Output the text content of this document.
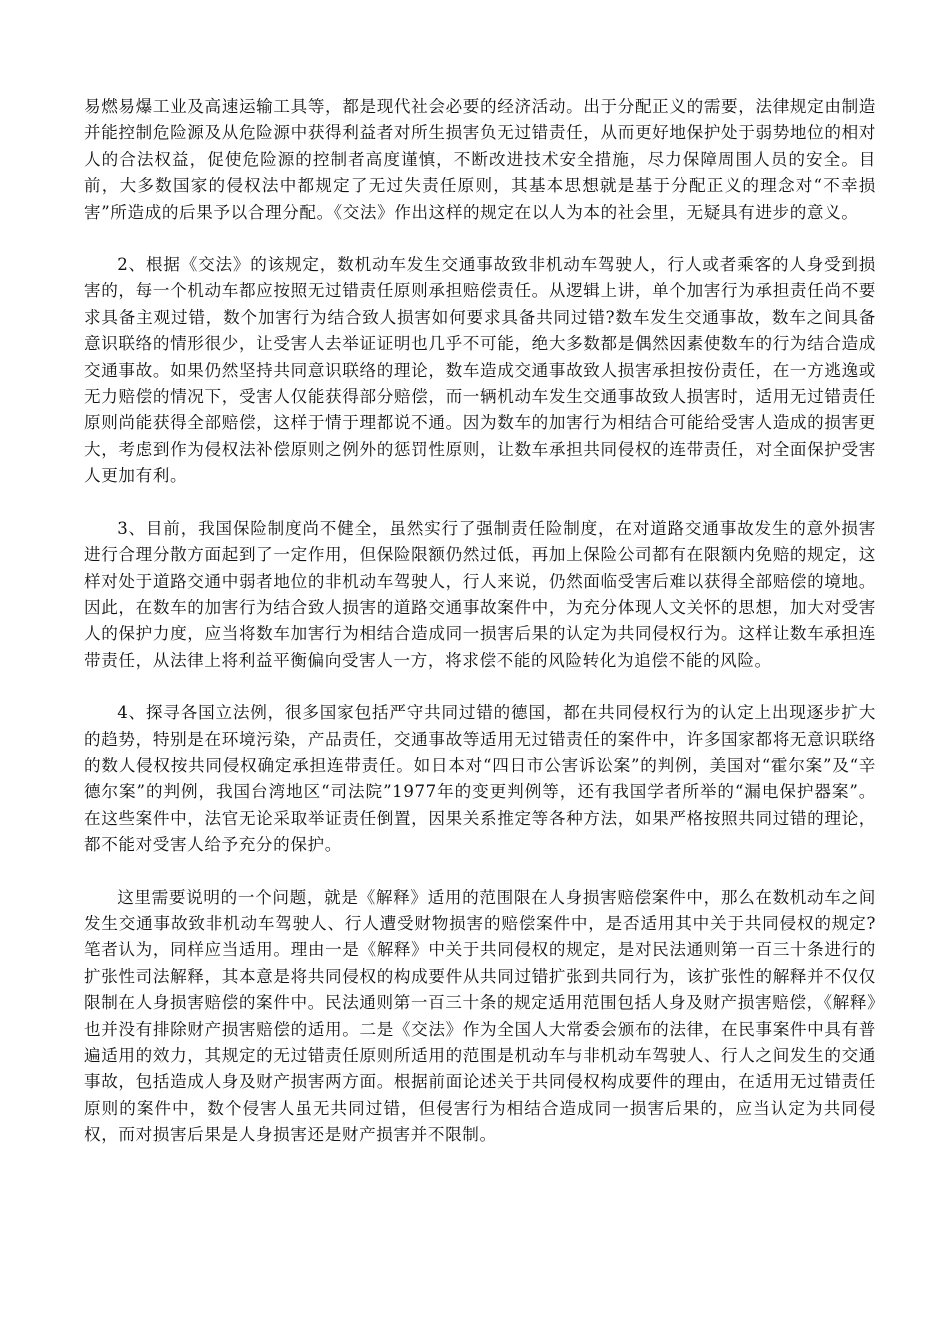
易燃易爆工业及高速运输工具等，都是现代社会必要的经济活动。出于分配正义的需要，法律规定由制造并能控制危险源及从危险源中获得利益者对所生损害负无过错责任，从而更好地保护处于弱势地位的相对人的合法权益，促使危险源的控制者高度谨慎，不断改进技术安全措施，尽力保障周围人员的安全。目前，大多数国家的侵权法中都规定了无过失责任原则，其基本思想就是基于分配正义的理念对“不幸损害”所造成的后果予以合理分配。《交法》作出这样的规定在以人为本的社会里，无疑具有进步的意义。

2、根据《交法》的该规定，数机动车发生交通事故致非机动车驾驶人，行人或者乘客的人身受到损害的，每一个机动车都应按照无过错责任原则承担赔偿责任。从逻辑上讲，单个加害行为承担责任尚不要求具备主观过错，数个加害行为结合致人损害如何要求具备共同过错?数车发生交通事故，数车之间具备意识联络的情形很少，让受害人去举证证明也几乎不可能，绝大多数都是偶然因素使数车的行为结合造成交通事故。如果仍然坚持共同意识联络的理论，数车造成交通事故致人损害承担按份责任，在一方逃逸或无力赔偿的情况下，受害人仅能获得部分赔偿，而一辆机动车发生交通事故致人损害时，适用无过错责任原则尚能获得全部赔偿，这样于情于理都说不通。因为数车的加害行为相结合可能给受害人造成的损害更大，考虑到作为侵权法补偿原则之例外的惩罚性原则，让数车承担共同侵权的连带责任，对全面保护受害人更加有利。

3、目前，我国保险制度尚不健全，虽然实行了强制责任险制度，在对道路交通事故发生的意外损害进行合理分散方面起到了一定作用，但保险限额仍然过低，再加上保险公司都有在限额内免赔的规定，这样对处于道路交通中弱者地位的非机动车驾驶人，行人来说，仍然面临受害后难以获得全部赔偿的境地。因此，在数车的加害行为结合致人损害的道路交通事故案件中，为充分体现人文关怀的思想，加大对受害人的保护力度，应当将数车加害行为相结合造成同一损害后果的认定为共同侵权行为。这样让数车承担连带责任，从法律上将利益平衡偏向受害人一方，将求偿不能的风险转化为追偿不能的风险。

4、探寻各国立法例，很多国家包括严守共同过错的德国，都在共同侵权行为的认定上出现逐步扩大的趋势，特别是在环境污染，产品责任，交通事故等适用无过错责任的案件中，许多国家都将无意识联络的数人侵权按共同侵权确定承担连带责任。如日本对“四日市公害诉讼案”的判例，美国对“霍尔案”及“辛德尔案”的判例，我国台湾地区“司法院”1977年的变更判例等，还有我国学者所举的“漏电保护器案”。在这些案件中，法官无论采取举证责任倒置，因果关系推定等各种方法，如果严格按照共同过错的理论，都不能对受害人给予充分的保护。

这里需要说明的一个问题，就是《解释》适用的范围限在人身损害赔偿案件中，那么在数机动车之间发生交通事故致非机动车驾驶人、行人遭受财物损害的赔偿案件中，是否适用其中关于共同侵权的规定?笔者认为，同样应当适用。理由一是《解释》中关于共同侵权的规定，是对民法通则第一百三十条进行的扩张性司法解释，其本意是将共同侵权的构成要件从共同过错扩张到共同行为，该扩张性的解释并不仅仅限制在人身损害赔偿的案件中。民法通则第一百三十条的规定适用范围包括人身及财产损害赔偿，《解释》也并没有排除财产损害赔偿的适用。二是《交法》作为全国人大常委会颁布的法律，在民事案件中具有普遍适用的效力，其规定的无过错责任原则所适用的范围是机动车与非机动车驾驶人、行人之间发生的交通事故，包括造成人身及财产损害两方面。根据前面论述关于共同侵权构成要件的理由，在适用无过错责任原则的案件中，数个侵害人虽无共同过错，但侵害行为相结合造成同一损害后果的，应当认定为共同侵权，而对损害后果是人身损害还是财产损害并不限制。
